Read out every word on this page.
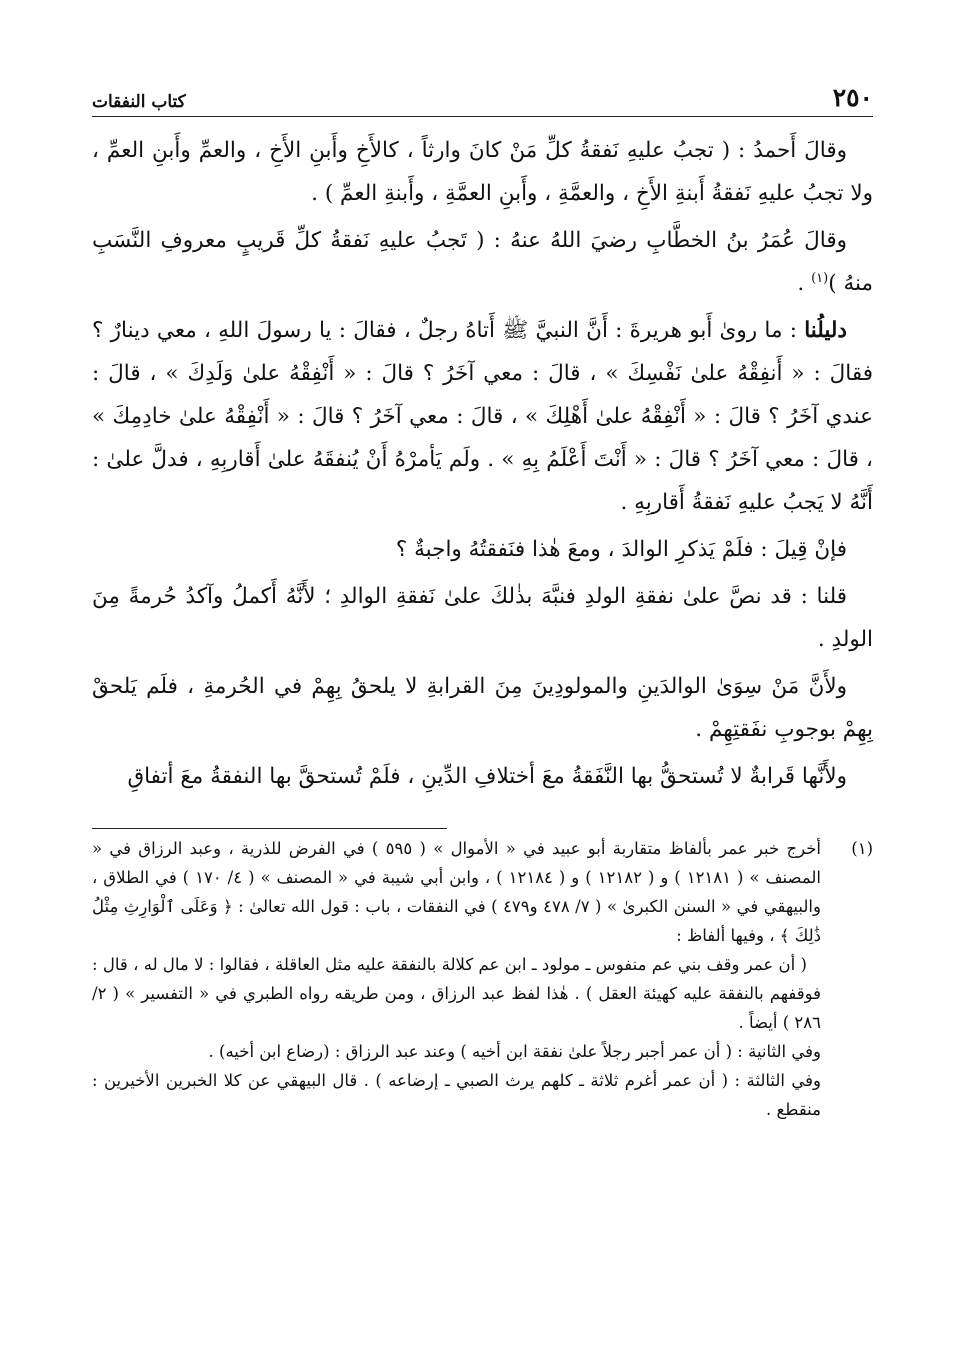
٢٥٠
كتاب النفقات

وقالَ أَحمدُ : ( تجبُ عليهِ نَفقةُ كلِّ مَنْ كانَ وارثاً ، كالأَخِ وأَبنِ الأَخِ ، والعمِّ وأَبنِ العمِّ ، ولا تجبُ عليهِ نَفقةُ أَبنةِ الأَخِ ، والعمَّةِ ، وأَبنِ العمَّةِ ، وأَبنةِ العمِّ ) .

وقالَ عُمَرُ بنُ الخطَّابِ رضيَ اللهُ عنهُ : ( تَجبُ عليهِ نَفقةُ كلِّ قَريبٍ معروفِ النَّسَبِ منهُ )$^{(١)}$ .

دليلُنا : ما روىٰ أَبو هريرةَ : أَنَّ النبيَّ ﷺ أَتاهُ رجلٌ ، فقالَ : يا رسولَ اللهِ ، معي دينارٌ ؟ فقالَ : « أَنفِقْهُ علىٰ نَفْسِكَ » ، قالَ : معي آخَرُ ؟ قالَ : « أَنْفِقْهُ علىٰ وَلَدِكَ » ، قالَ : عندي آخَرُ ؟ قالَ : « أَنْفِقْهُ علىٰ أَهْلِكَ » ، قالَ : معي آخَرُ ؟ قالَ : « أَنْفِقْهُ علىٰ خادِمِكَ » ، قالَ : معي آخَرُ ؟ قالَ : « أَنْتَ أَعْلَمُ بِهِ » . ولَم يَأمرْهُ أَنْ يُنفقَهُ علىٰ أَقاربِهِ ، فدلَّ علىٰ : أَنَّهُ لا يَجبُ عليهِ نَفقةُ أَقاربِهِ .

فإنْ قِيلَ : فلَمْ يَذكرِ الوالدَ ، ومعَ هٰذا فنَفقتُهُ واجبةٌ ؟

قلنا : قد نصَّ علىٰ نفقةِ الولدِ فنبَّهَ بذٰلكَ علىٰ نَفقةِ الوالدِ ؛ لأَنَّهُ أَكملُ وآكدُ حُرمةً مِنَ الولدِ .

ولأَنَّ مَنْ سِوَىٰ الوالدَينِ والمولودِينَ مِنَ القرابةِ لا يلحقُ بِهِمْ في الحُرمةِ ، فلَم يَلحقْ بِهِمْ بوجوبِ نفَقتِهِمْ .

ولأَنَّها قَرابةٌ لا تُستحقُّ بها النَّفَقةُ معَ أختلافِ الدِّينِ ، فلَمْ تُستحقَّ بها النفقةُ معَ أتفاقِ

(١)

أخرج خبر عمر بألفاظ متقاربة أبو عبيد في « الأموال » ( ٥٩٥ ) في الفرض للذرية ، وعبد الرزاق في « المصنف » ( ١٢١٨١ ) و ( ١٢١٨٢ ) و ( ١٢١٨٤ ) ، وابن أبي شيبة في « المصنف » ( ٤/ ١٧٠ ) في الطلاق ، والبيهقي في « السنن الكبرىٰ » ( ٧/ ٤٧٨ و٤٧٩ ) في النفقات ، باب : قول الله تعالىٰ : ﴿ وَعَلَى ٱلْوَارِثِ مِثْلُ ذَٰلِكَ ﴾ ، وفيها ألفاظ :

( أن عمر وقف بني عم منفوس ـ مولود ـ ابن عم كلالة بالنفقة عليه مثل العاقلة ، فقالوا : لا مال له ، قال : فوقفهم بالنفقة عليه كهيئة العقل ) . هٰذا لفظ عبد الرزاق ، ومن طريقه رواه الطبري في « التفسير » ( ٢/ ٢٨٦ ) أيضاً .

وفي الثانية : ( أن عمر أجبر رجلاً علىٰ نفقة ابن أخيه ) وعند عبد الرزاق : (رضاع ابن أخيه) .

وفي الثالثة : ( أن عمر أغرم ثلاثة ـ كلهم يرث الصبي ـ إرضاعه ) . قال البيهقي عن كلا الخبرين الأخيرين : منقطع .
